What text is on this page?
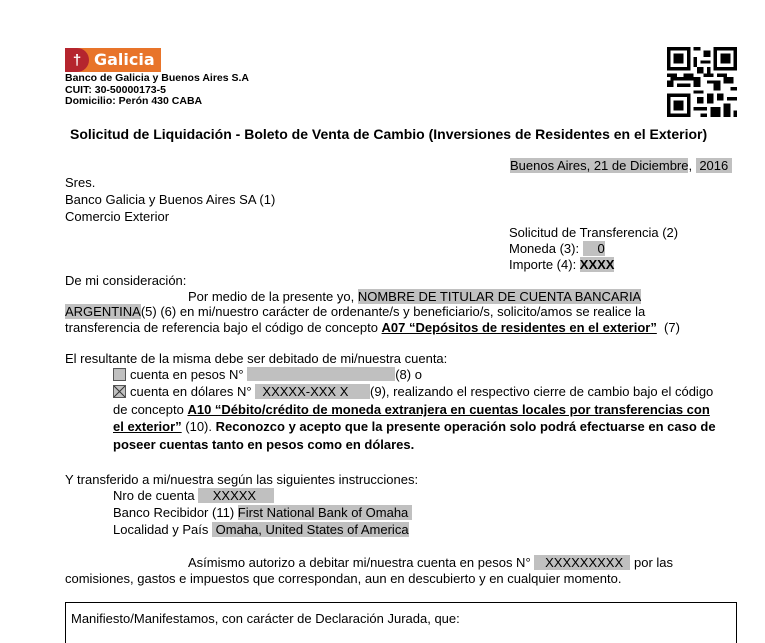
† Galicia
Banco de Galicia y Buenos Aires S.A
CUIT: 30-50000173-5
Domicilio: Perón 430 CABA
Solicitud de Liquidación - Boleto de Venta de Cambio (Inversiones de Residentes en el Exterior)
Buenos Aires, 21 de Diciembre,  2016
Sres.
Banco Galicia y Buenos Aires SA (1)
Comercio Exterior
Solicitud de Transferencia (2)
Moneda (3):     0
Importe (4): XXXX
De mi consideración:
Por medio de la presente yo, NOMBRE DE TITULAR DE CUENTA BANCARIA
ARGENTINA(5) (6) en mi/nuestro carácter de ordenante/s y beneficiario/s, solicito/amos se realice la
transferencia de referencia bajo el código de concepto A07 “Depósitos de residentes en el exterior”  (7)
El resultante de la misma debe ser debitado de mi/nuestra cuenta:
cuenta en pesos N°	(8) o
cuenta en dólares N°   XXXXX-XXX X      (9), realizando el respectivo cierre de cambio bajo el código
de concepto A10 “Débito/crédito de moneda extranjera en cuentas locales por transferencias con
el exterior” (10). Reconozco y acepto que la presente operación solo podrá efectuarse en caso de
poseer cuentas tanto en pesos como en dólares.
Y transferido a mi/nuestra según las siguientes instrucciones:
Nro de cuenta     XXXXX
Banco Recibidor (11) First National Bank of Omaha
Localidad y País  Omaha, United States of America
Asímismo autorizo a debitar mi/nuestra cuenta en pesos N°    XXXXXXXXX   por las
comisiones, gastos e impuestos que correspondan, aun en descubierto y en cualquier momento.
Manifiesto/Manifestamos, con carácter de Declaración Jurada, que:
